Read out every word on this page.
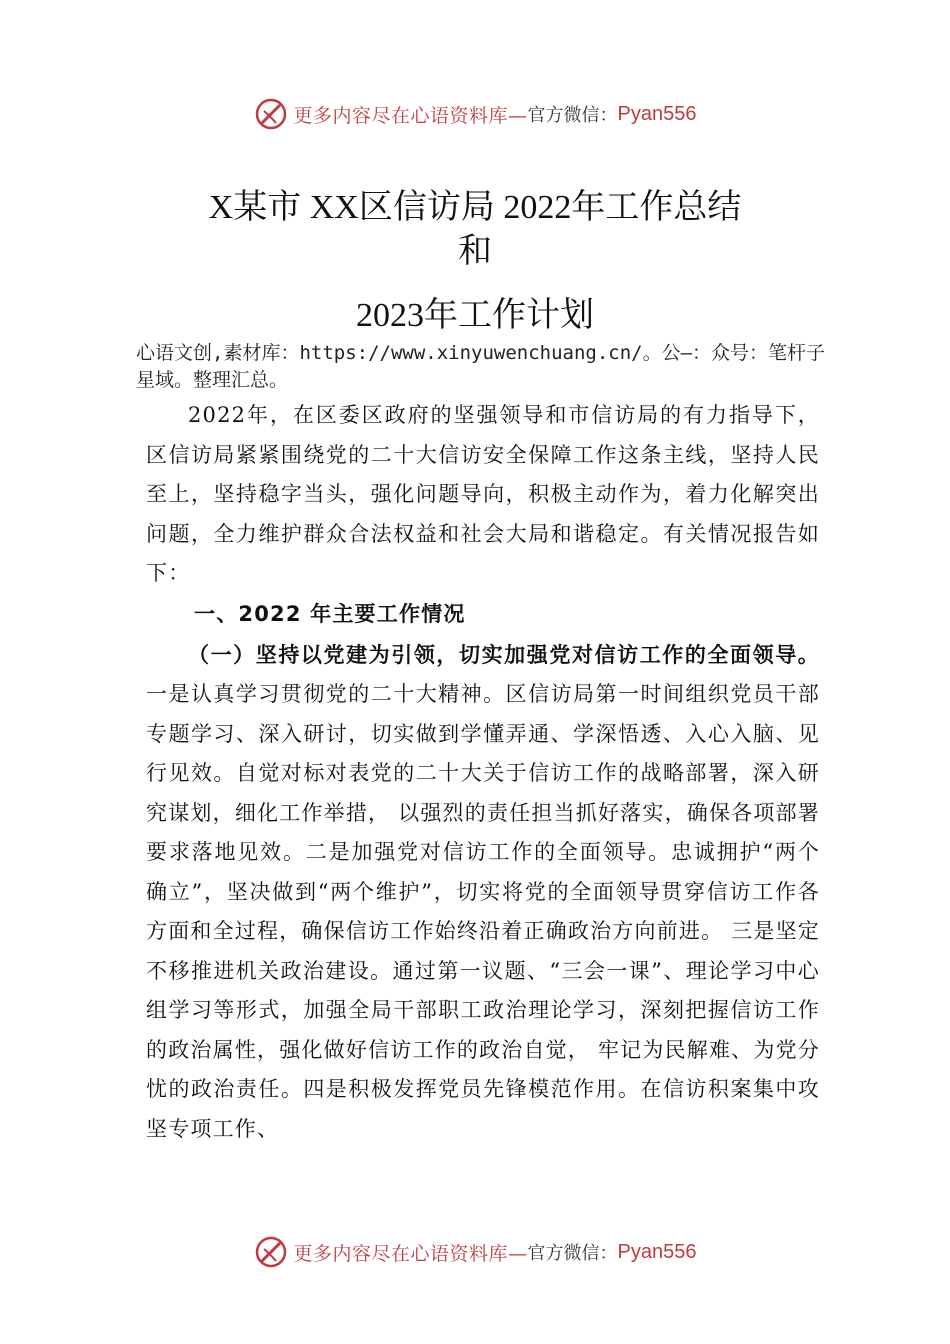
更多内容尽在心语资料库— 官方微信： Pyan556
X某市 XX区信访局 2022年工作总结
和
2023年工作计划
心语文创,素材库：https://www.xinyuwenchuang.cn/。公—：众号：笔杆子星域。整理汇总。

2022年，在区委区政府的坚强领导和市信访局的有力指导下，区信访局紧紧围绕党的二十大信访安全保障工作这条主线，坚持人民至上，坚持稳字当头，强化问题导向，积极主动作为，着力化解突出问题，全力维护群众合法权益和社会大局和谐稳定。有关情况报告如下：

一、2022 年主要工作情况

（一）坚持以党建为引领，切实加强党对信访工作的全面领导。一是认真学习贯彻党的二十大精神。区信访局第一时间组织党员干部专题学习、深入研讨，切实做到学懂弄通、学深悟透、入心入脑、见行见效。自觉对标对表党的二十大关于信访工作的战略部署，深入研究谋划，细化工作举措， 以强烈的责任担当抓好落实，确保各项部署要求落地见效。二是加强党对信访工作的全面领导。忠诚拥护“两个确立”，坚决做到“两个维护”，切实将党的全面领导贯穿信访工作各方面和全过程，确保信访工作始终沿着正确政治方向前进。 三是坚定不移推进机关政治建设。通过第一议题、“三会一课”、理论学习中心组学习等形式，加强全局干部职工政治理论学习，深刻把握信访工作的政治属性，强化做好信访工作的政治自觉， 牢记为民解难、为党分忧的政治责任。四是积极发挥党员先锋模范作用。在信访积案集中攻坚专项工作、

更多内容尽在心语资料库— 官方微信： Pyan556
